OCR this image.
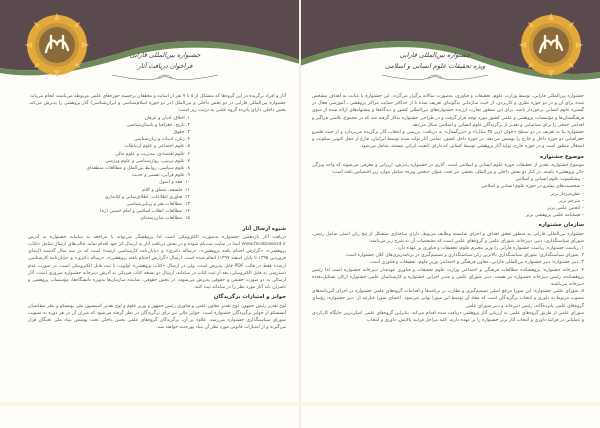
جشنواره بین‌المللی فارابی
فراخوان دریافت آثار

آثار و افراد برگزیده در این گروه‌ها که متشکل از ۵ تا ۷ نفر از اساتید و محققان برجسته حوزه‌های علمی مربوطه می‌باشند انجام می‌یابد.

جشنواره بین‌المللی فارابی در دو بخش داخلی و بین‌الملل (در دو حوزه اسلام‌شناسی و ایران‌شناسی) آثار پژوهشی را پذیرش می‌کند. بخش داخلی دارای پانزده گروه علمی به ترتیب زیر است:

۱. اخلاق، ادیان و عرفان
۲. تاریخ، جغرافیا و باستان‌شناسی
۳. حقوق
۴. زبان، ادبیات و زبان‌شناسی
۵. علوم اجتماعی و علوم ارتباطات
۶. علوم اقتصادی، مدیریت و علوم مالی
۷. علوم تربیتی، روان‌شناسی و علوم ورزشی
۸. علوم سیاسی، روابط بین‌الملل و مطالعات منطقه‌ای
۹. علوم قرآنی، تفسیر و حدیث
۱۰. فقه و اصول
۱۱. فلسفه، منطق و کلام
۱۲. فناوری اطلاعات، اطلاع‌رسانی و کتابداری
۱۳. مطالعات هنر و زیبایی‌شناسی
۱۴. مطالعات انقلاب اسلامی و امام خمینی (ره)
۱۵. مطالعات میان‌رشته‌ای
شیوه ارسال آثار

دریافت آثار یازدهمین جشنواره به‌صورت الکترونیکی است لذا پژوهشگر می‌تواند با مراجعه به سامانه جشنواره به آدرس www.farabiaward.ir ابتدا در سایت ثبت‌نام نموده و در بخش دریافت آثار به ارسال اثر خود اقدام نماید. قالب‌های ارسال شامل «کتاب پژوهشی»، «گزارش اختتام یافته پژوهشی»، «رساله دکتری» و «پایان‌نامه کارشناسی ارشد» است که در سه سال گذشته (ابتدای فروردین ۱۳۹۵ تا پایان اسفند ۱۳۹۷) انجام شده است. ارسال «گزارش اختتام یافته پژوهشی»، «رساله دکتری» و «پایان‌نامه کارشناسی ارشد» فقط در قالب PDF قابل پذیرش است، ولی در ارسال «کتاب پژوهشی» اولویت با ثبت فایل الکترونیکی است. در صورت عدم دسترسی به فایل الکترونیکی، بعد از ثبت کتاب در سامانه، ارسال دو نسخه کتاب فیزیکی به آدرس دبیرخانه جشنواره ضروری است. آثار ارسالی به دو صورت حقیقی و حقوقی پذیرش می‌شوند. در بخش حقوقی، نماینده سازمان‌ها به‌ویژه دانشگاه‌ها، مؤسسات پژوهشی و ناشران باید آثار مورد نظر را در سامانه ثبت کنند.

جوایز و امتیازات برگزیدگان

لوح تقدیر رئیس جمهور، لوح تقدیر معاون علمی و فناوری رئیس جمهور و وزیر علوم و لوح تقدیر کمیسیون ملی یونسکو و نظر متقاضیان آیسسکو از جوایز برگزیدگان جشنواره است. جوایز مالی نیز برای برگزیدگان در نظر گرفته می‌شود که میزان آن در هر دوره به تصویب شورای سیاستگذاری جشنواره می‌رسد. علاوه بر آن، برگزیدگان گروه‌های علمی بخش داخلی تحت پوشش بنیاد ملی نخبگان قرار می‌گیرند و از امتیازات قانونی مورد نظر آن بنیاد بهره‌مند خواهند شد.

جشنواره بین‌المللی فارابی
ویژه تحقیقات علوم انسانی و اسلامی

جشنواره بین‌المللی فارابی، توسط وزارت علوم، تحقیقات و فناوری، به‌صورت سالانه برگزار می‌گردد. این جشنواره با عنایت به اهداف مشخص شده برای آن و در دو حوزه نظری و کاربردی، از حیث سازمانی به‌گونه‌ای تعریف شده تا از حداکثر حمایت مراکز پژوهشی ـ آموزشی فعال در گستره علوم انسانی برخوردار باشد. برای این منظور تجارب ارزنده جشنواره‌های بین‌المللی کشور و دیدگاه‌ها و پیشنهادهای ارائه شده از سوی فرهنگستان‌ها و مؤسسات پژوهشی و علمی کشور مورد توجه قرار گرفت و در طراحی جشنواره به‌کار گرفته شد که در مجموع، تلاشی فراگیر و اقدامی جمعی را برای شناسایی و تقدیر از برگزیدگان علوم انسانی و اسلامی شکل می‌دهد.

جشنواره بنا به تعریف در دو سطح «جوان (زیر ۳۵ سال)» و «بزرگسال» به دریافت، بررسی و انتخاب آثار برگزیده می‌پردازد و از حیث قلمرو جغرافیایی دو حوزه داخل و خارج را پوشش می‌دهد. در حوزه داخل کشور، تمامی آثار تولید شده توسط ایرانیان، فارغ از محل کنونی سکونت و اشتغال منظور است و در حوزه خارج، تولید آثار پژوهشی توسط کسانی که دارای تابعیت ایرانی نیستند، شامل می‌شود.

موضوع جشنواره

موضوع جشنواره، تقدیر از تحقیقات حوزه علوم انسانی و اسلامی است. آثاری در جشنواره پذیرش، ارزیابی و معرفی می‌شوند که واجد ویژگی «اثر پژوهشی» باشند. در کنار دو بخش داخلی و بین‌الملل، بخشی نیز تحت عنوان «بخش ویژه» شامل موارد زیر اختصاص یافته است:

– پیشکسوت علوم انسانی و اسلامی
– شخصیت‌های پیشرو در حوزه علوم انسانی و اسلامی
– نظریه‌پرداز برتر
– مترجم برتر
– انجمن علمی برتر
– فصلنامه علمی پژوهشی برتر
سازمان جشنواره

جشنواره بین‌المللی فارابی به منظور تحقق اهداف و اجرای شایسته وظایف مربوط، دارای ساختاری متشکل از پنج رکن اصلی شامل رئیس، شورای سیاستگذاری، دبیر، دبیرخانه، شورای علمی و گروه‌های علمی است که مشخصات آن به شرح زیر می‌باشد:

۱. ریاست جشنواره: ریاست جشنواره فارابی را وزیر محترم علوم، تحقیقات و فناوری بر عهده دارد.
۲. شورای سیاستگذاری: شورای سیاستگذاری بالاترین رکن سیاستگذاری و تصمیم‌گیری در برنامه‌ریزی‌های کلان جشنواره است.
۳. دبیر جشنواره: دبیر جشنواره بین‌المللی فارابی، معاون فرهنگی و اجتماعی وزیر علوم، تحقیقات و فناوری است.
۴. دبیرخانه جشنواره: پژوهشکده مطالعات فرهنگی و اجتماعی وزارت علوم تحقیقات و فناوری عهده‌دار دبیرخانه جشنواره است لذا رئیس پژوهشکده، رئیس دبیرخانه جشنواره نیز هست. دبیر شورای علمی و مدیر اجرایی جشنواره و کارشناسان علمی جشنواره ارکان تشکیل‌دهنده دبیرخانه می‌باشند.
۵. شورای علمی جشنواره: این شورا مرجع اصلی تصمیم‌گیری و نظارت بر برنامه‌ها و اقدامات گروه‌های علمی جشنواره در اجرای آئین‌نامه‌های مصوب مربوط به داوری و انتخاب برگزیدگان است که مفاد آن توسط این شورا نهایی می‌شود. اعضای شورا عبارتند از: دبیر جشنواره، رؤسای گروه‌های علمی پانزده‌گانه، رئیس دبیرخانه و دبیر شورای علمی.
شورای علمی از طریق گروه‌های علمی به ارزیابی آثار پژوهشی دریافت شده اقدام می‌کند. بنابراین گروه‌های علمی اصلی‌ترین جایگاه کارکردی و عملیاتی در فرایند داوری و انتخاب آثار برتر جشنواره را بر عهده دارند. کلیه مراحل فرایند پالایش، داوری و انتخاب
